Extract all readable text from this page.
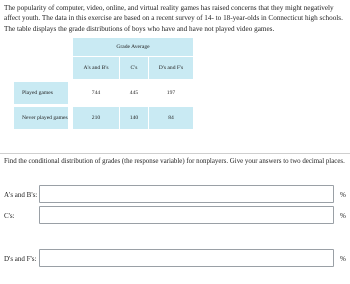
The popularity of computer, video, online, and virtual reality games has raised concerns that they might negatively affect youth. The data in this exercise are based on a recent survey of 14- to 18-year-olds in Connecticut high schools. The table displays the grade distributions of boys who have and have not played video games.

		Grade Average		
		A's and B's	C's	D's and F's

Played games		744	445	197

Never played games		210	140	84

Find the conditional distribution of grades (the response variable) for nonplayers. Give your answers to two decimal places.

A's and B's:	%
C's:	%
D's and F's:	%
